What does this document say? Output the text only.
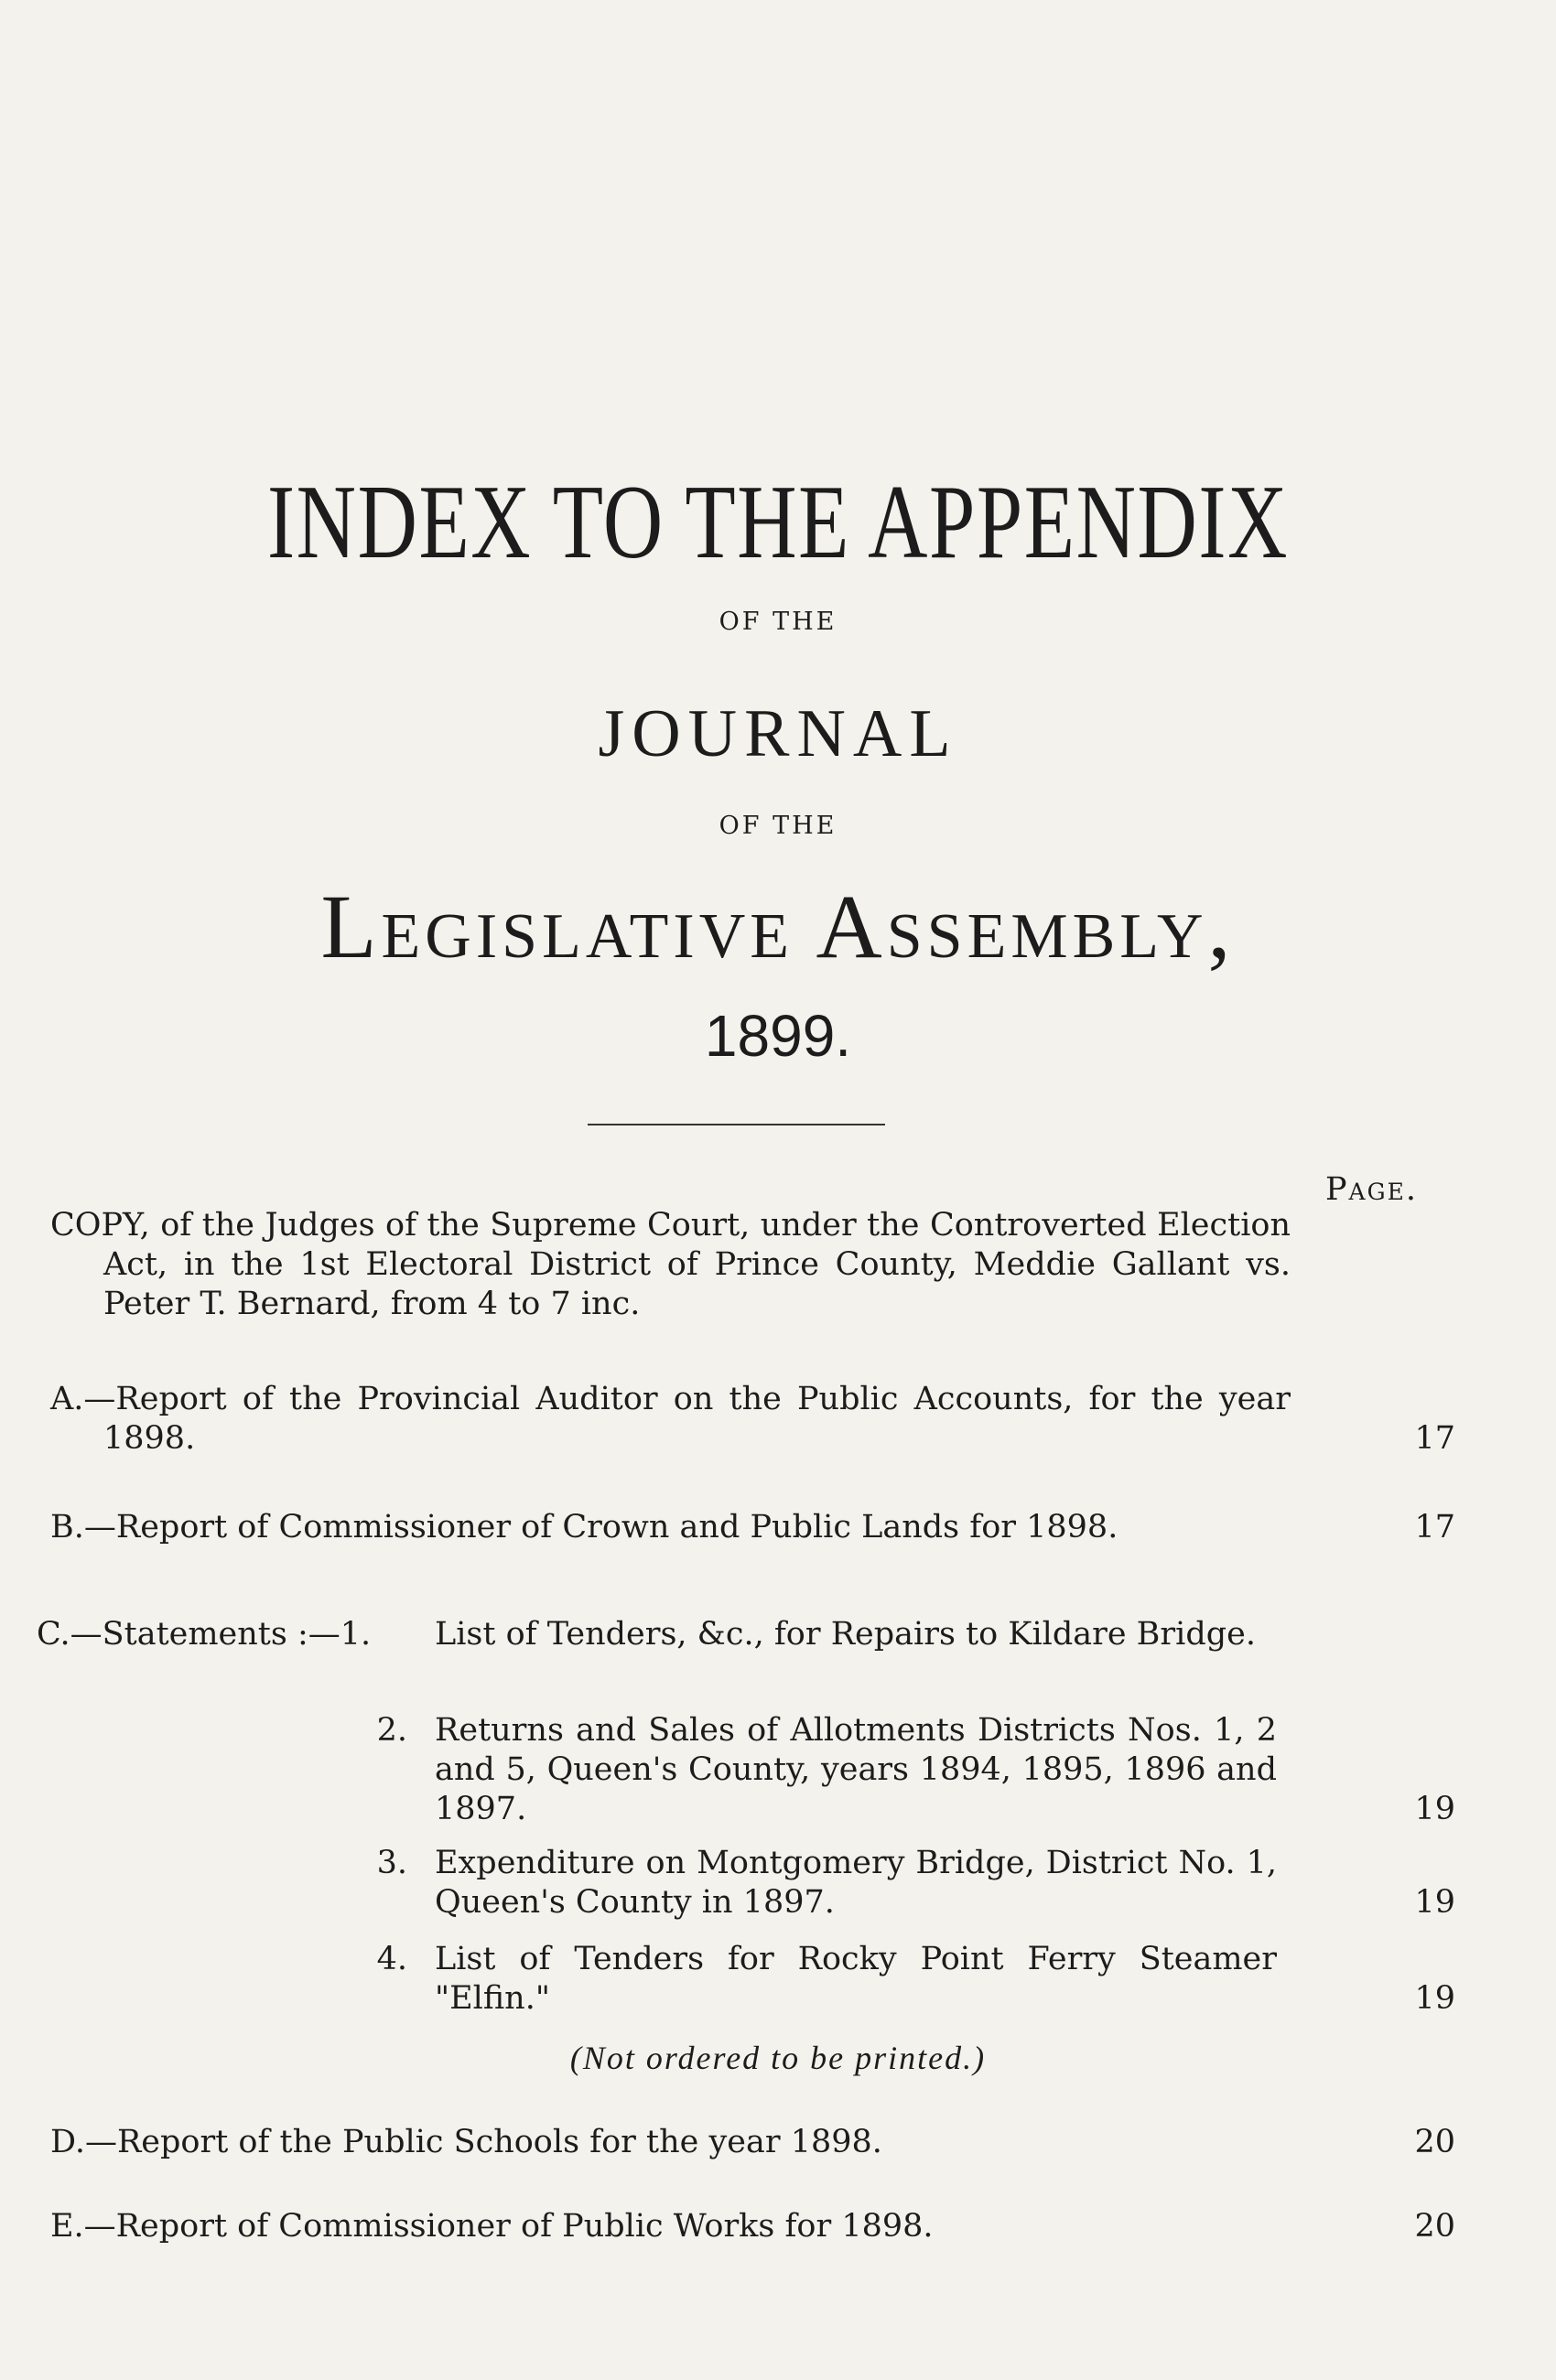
INDEX TO THE APPENDIX
OF THE
JOURNAL
OF THE
Legislative Assembly,
1899.
Page.
COPY, of the Judges of the Supreme Court, under the Controverted Election Act, in the 1st Electoral District of Prince County, Meddie Gallant vs. Peter T. Bernard, from 4 to 7 inc.
A.—Report of the Provincial Auditor on the Public Accounts, for the year 1898.	17
B.—Report of Commissioner of Crown and Public Lands for 1898.	17
C.—Statements :—1. List of Tenders, &c., for Repairs to Kildare Bridge.
2. Returns and Sales of Allotments Districts Nos. 1, 2 and 5, Queen's County, years 1894, 1895, 1896 and 1897.	19
3. Expenditure on Montgomery Bridge, District No. 1, Queen's County in 1897.	19
4. List of Tenders for Rocky Point Ferry Steamer "Elfin."	19
(Not ordered to be printed.)
D.—Report of the Public Schools for the year 1898.	20
E.—Report of Commissioner of Public Works for 1898.	20
